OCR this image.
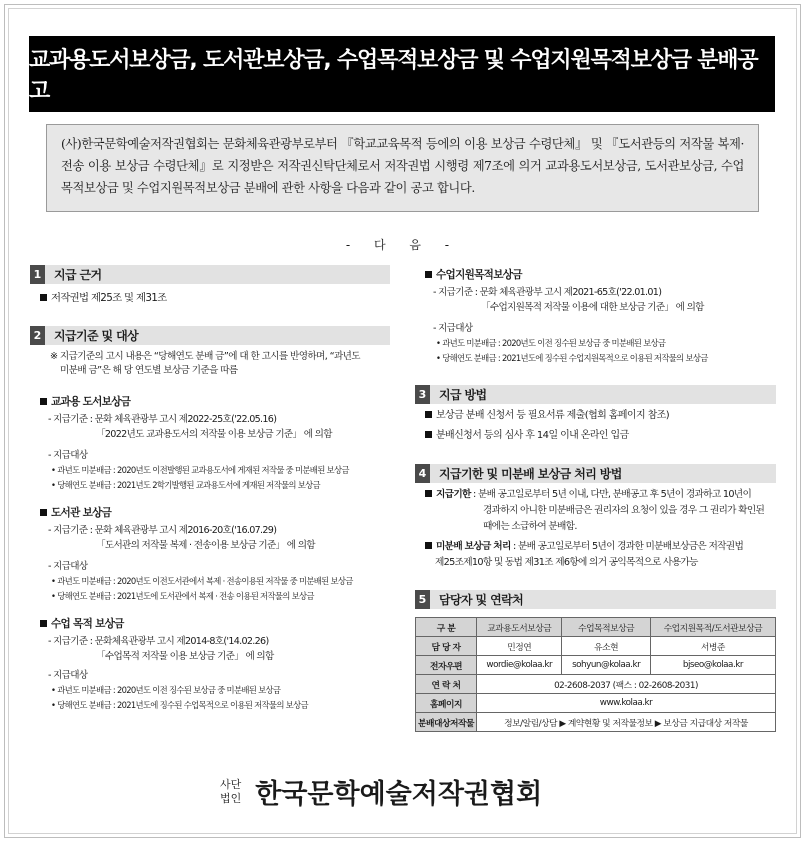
교과용도서보상금, 도서관보상금, 수업목적보상금 및 수업지원목적보상금 분배공고
(사)한국문학예술저작권협회는 문화체육관광부로부터 『학교교육목적 등에의 이용 보상금 수령단체』 및 『도서관등의 저작물 복제·전송 이용 보상금 수령단체』로 지정받은 저작권신탁단체로서 저작권법 시행령 제7조에 의거 교과용도서보상금, 도서관보상금, 수업목적보상금 및 수업지원목적보상금 분배에 관한 사항을 다음과 같이 공고 합니다.
- 다 음 -
1	지급 근거
저작권법 제25조 및 제31조
2	지급기준 및 대상
※ 지급기준의 고시 내용은 “당해연도 분배 금”에 대 한 고시를 반영하며, “과년도
미분배 금”은 해 당 연도별 보상금 기준을 따름
교과용 도서보상금
- 지급기준 : 문화 체육관광부 고시 제2022-25호('22.05.16)
「2022년도 교과용도서의 저작물 이용 보상금 기준」 에 의함
- 지급대상
• 과년도 미분배금 : 2020년도 이전발행된 교과용도서에 게재된 저작물 중 미분배된 보상금
• 당해연도 분배금 : 2021년도 2학기발행된 교과용도서에 게재된 저작물의 보상금
도서관 보상금
- 지급기준 : 문화 체육관광부 고시 제2016-20호('16.07.29)
「도서관의 저작물 복제 · 전송이용 보상금 기준」 에 의함
- 지급대상
• 과년도 미분배금 : 2020년도 이전도서관에서 복제 · 전송이용된 저작물 중 미분배된 보상금
• 당해연도 분배금 : 2021년도에 도서관에서 복제 · 전송 이용된 저작물의 보상금
수업 목적 보상금
- 지급기준 : 문화체육관광부 고시 제2014-8호('14.02.26)
「수업목적 저작물 이용 보상금 기준」 에 의함
- 지급대상
• 과년도 미분배금 : 2020년도 이전 징수된 보상금 중 미분배된 보상금
• 당해연도 분배금 : 2021년도에 징수된 수업목적으로 이용된 저작물의 보상금
수업지원목적보상금
- 지급기준 : 문화 체육관광부 고시 제2021-65호('22.01.01)
「수업지원목적 저작물 이용에 대한 보상금 기준」 에 의함
- 지급대상
• 과년도 미분배금 : 2020년도 이전 징수된 보상금 중 미분배된 보상금
• 당해연도 분배금 : 2021년도에 징수된 수업지원목적으로 이용된 저작물의 보상금
3	지급 방법
보상금 분배 신청서 등 필요서류 제출(협회 홈페이지 참조)
분배신청서 등의 심사 후 14일 이내 온라인 입금
4	지급기한 및 미분배 보상금 처리 방법
지급기한 : 분배 공고일로부터 5년 이내, 다만, 분배공고 후 5년이 경과하고 10년이
경과하지 아니한 미분배금은 권리자의 요청이 있을 경우 그 권리가 확인된
때에는 소급하여 분배함.
미분배 보상금 처리 : 분배 공고일로부터 5년이 경과한 미분배보상금은 저작권법
제25조제10항 및 동법 제31조 제6항에 의거 공익목적으로 사용가능
5	담당자 및 연락처
구 분	교과용도서보상금	수업목적보상금	수업지원목적/도서관보상금
담 당 자	민정연	유소현	서병준
전자우편	wordie@kolaa.kr	sohyun@kolaa.kr	bjseo@kolaa.kr
연 락 처	02-2608-2037 (팩스 : 02-2608-2031)		
홈페이지	www.kolaa.kr		
분배대상저작물	정보/알림/상담 ▶ 계약현황 및 저작물정보 ▶ 보상금 지급대상 저작물		
사단
법인 한국문학예술저작권협회
